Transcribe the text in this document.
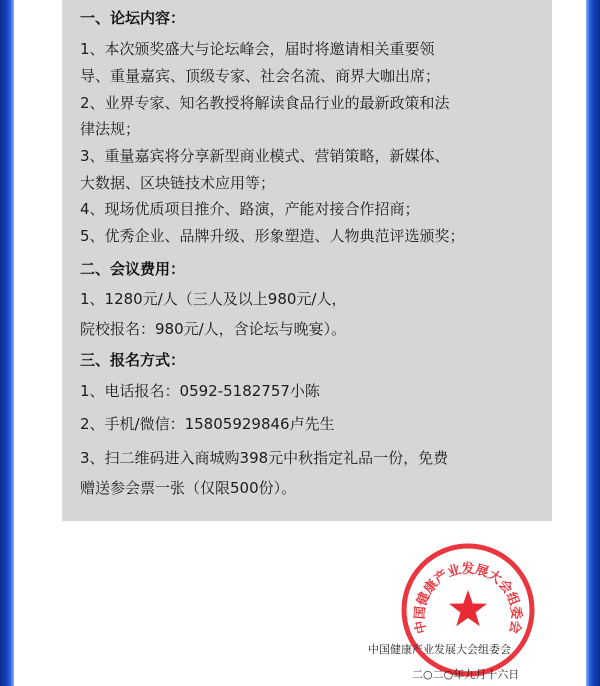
一、论坛内容：
1、本次颁奖盛大与论坛峰会，届时将邀请相关重要领
导、重量嘉宾、顶级专家、社会名流、商界大咖出席；
2、业界专家、知名教授将解读食品行业的最新政策和法
律法规；
3、重量嘉宾将分享新型商业模式、营销策略，新媒体、
大数据、区块链技术应用等；
4、现场优质项目推介、路演，产能对接合作招商；
5、优秀企业、品牌升级、形象塑造、人物典范评选颁奖；
二、会议费用：
1、1280元/人（三人及以上980元/人，
院校报名：980元/人，含论坛与晚宴）。
三、报名方式：
1、电话报名：0592-5182757小陈
2、手机/微信：15805929846卢先生
3、扫二维码进入商城购398元中秋指定礼品一份，免费
赠送参会票一张（仅限500份）。
中国健康产业发展大会组委会
中国健康产业发展大会组委会
二○二○年九月十六日
